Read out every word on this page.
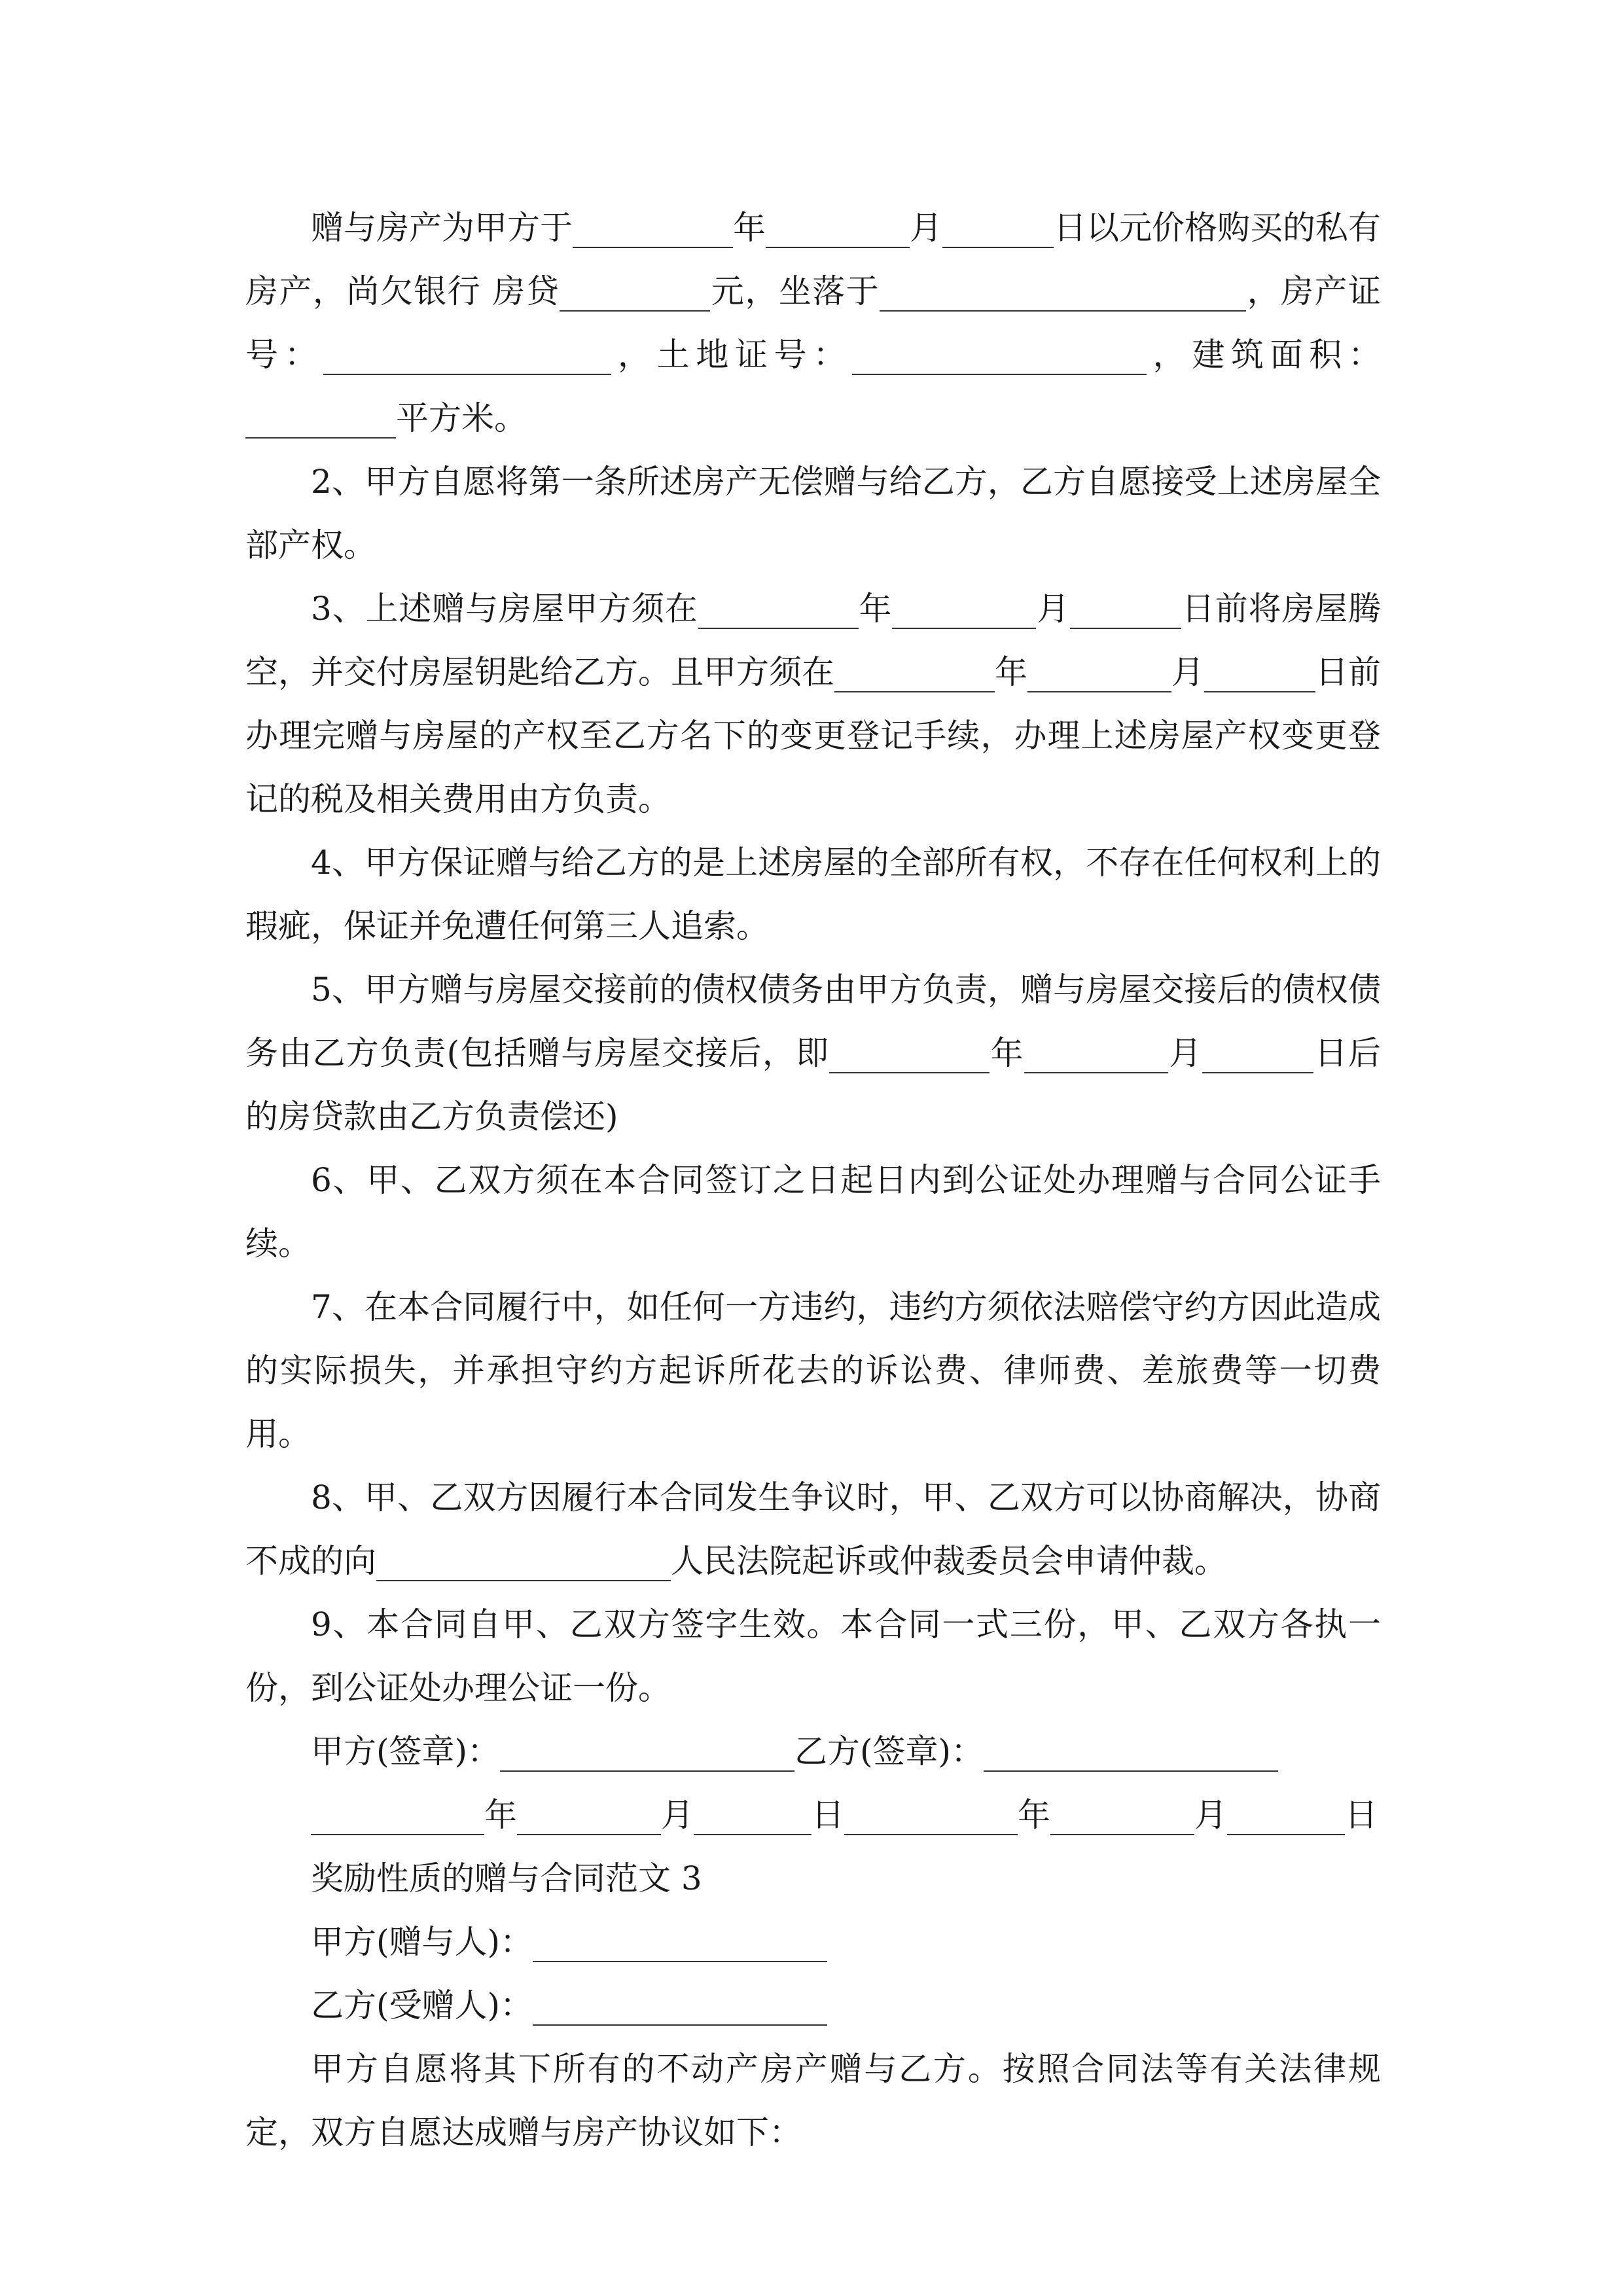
赠与房产为甲方于	年	月	日以元价格购买的私有房产，尚欠银行 房贷	元，坐落于	，房产证号：	，土地证号：	，建筑面积：平方米。

2、甲方自愿将第一条所述房产无偿赠与给乙方，乙方自愿接受上述房屋全部产权。

3、上述赠与房屋甲方须在	年	月	日前将房屋腾空，并交付房屋钥匙给乙方。且甲方须在	年	月	日前办理完赠与房屋的产权至乙方名下的变更登记手续，办理上述房屋产权变更登记的税及相关费用由方负责。

4、甲方保证赠与给乙方的是上述房屋的全部所有权，不存在任何权利上的瑕疵，保证并免遭任何第三人追索。

5、甲方赠与房屋交接前的债权债务由甲方负责，赠与房屋交接后的债权债务由乙方负责(包括赠与房屋交接后，即	年	月	日后的房贷款由乙方负责偿还)

6、甲、乙双方须在本合同签订之日起日内到公证处办理赠与合同公证手续。

7、在本合同履行中，如任何一方违约，违约方须依法赔偿守约方因此造成的实际损失，并承担守约方起诉所花去的诉讼费、律师费、差旅费等一切费用。

8、甲、乙双方因履行本合同发生争议时，甲、乙双方可以协商解决，协商不成的向	人民法院起诉或仲裁委员会申请仲裁。

9、本合同自甲、乙双方签字生效。本合同一式三份，甲、乙双方各执一份，到公证处办理公证一份。

甲方(签章)：	乙方(签章)：

年	月	日	年	月	日

奖励性质的赠与合同范文 3

甲方(赠与人)：

乙方(受赠人)：

甲方自愿将其下所有的不动产房产赠与乙方。按照合同法等有关法律规定，双方自愿达成赠与房产协议如下：
